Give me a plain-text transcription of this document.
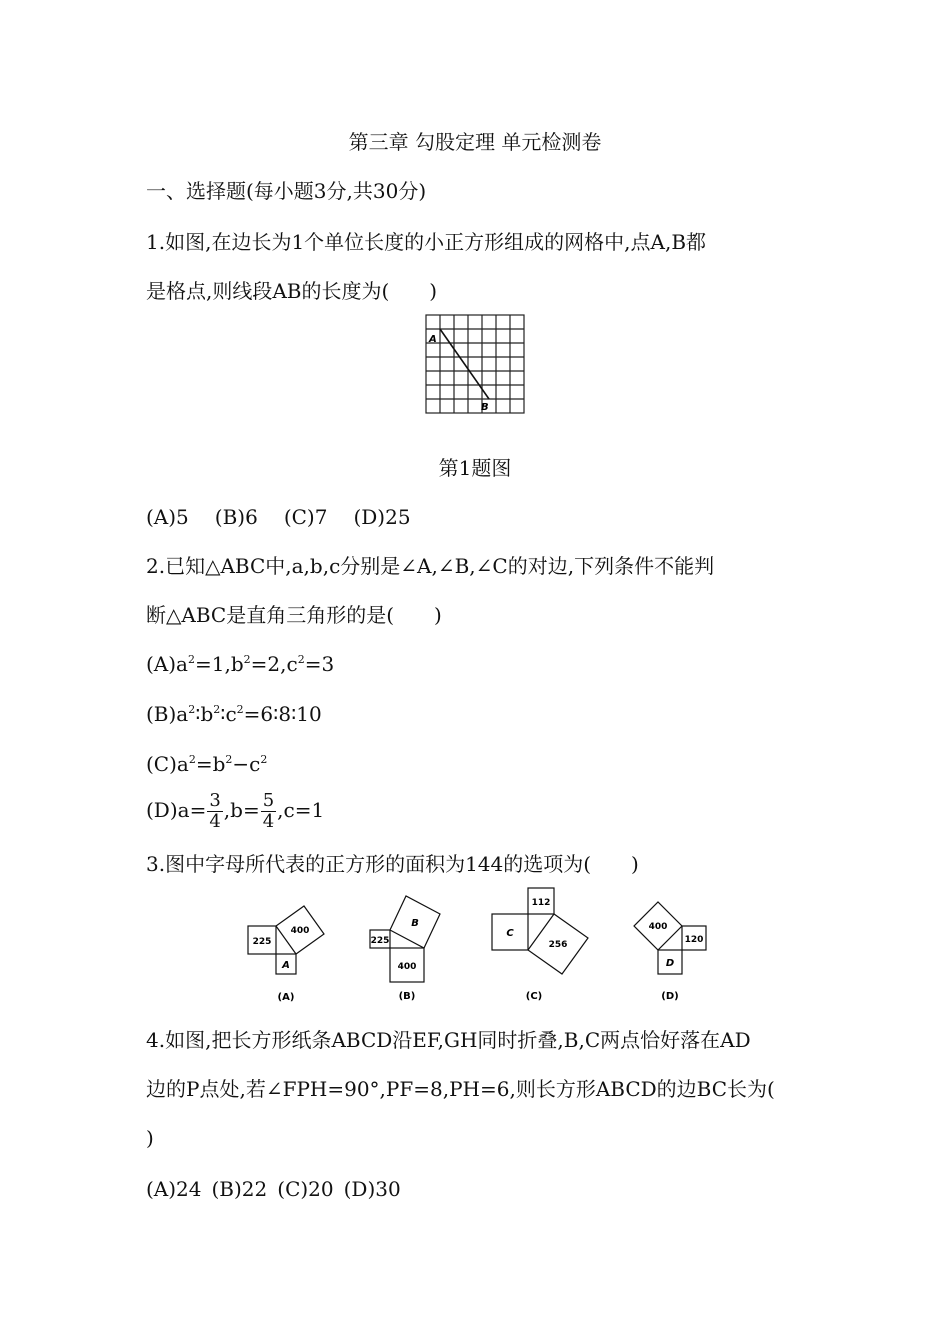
第三章 勾股定理 单元检测卷
一、选择题(每小题3分,共30分)
1.如图,在边长为1个单位长度的小正方形组成的网格中,点A,B都
是格点,则线段AB的长度为(　　)
A
B
第1题图
(A)5 (B)6 (C)7 (D)25
2.已知△ABC中,a,b,c分别是∠A,∠B,∠C的对边,下列条件不能判
断△ABC是直角三角形的是(　　)
$(A)a^2=1,b^2=2,c^2=3$
$(B)a^2∶b^2∶c^2=6∶8∶10$
$(C)a^2=b^2-c^2$
$(D)a= \frac{3}{4} ,b= \frac{5}{4} ,c=1$
3.图中字母所代表的正方形的面积为144的选项为(　　)
225
400
A
(A)
225
B
400
(B)
112
C
256
(C)
400
120
D
(D)
4.如图,把长方形纸条ABCD沿EF,GH同时折叠,B,C两点恰好落在AD
边的P点处,若∠FPH=90°,PF=8,PH=6,则长方形ABCD的边BC长为(
)
(A)24 (B)22 (C)20 (D)30
